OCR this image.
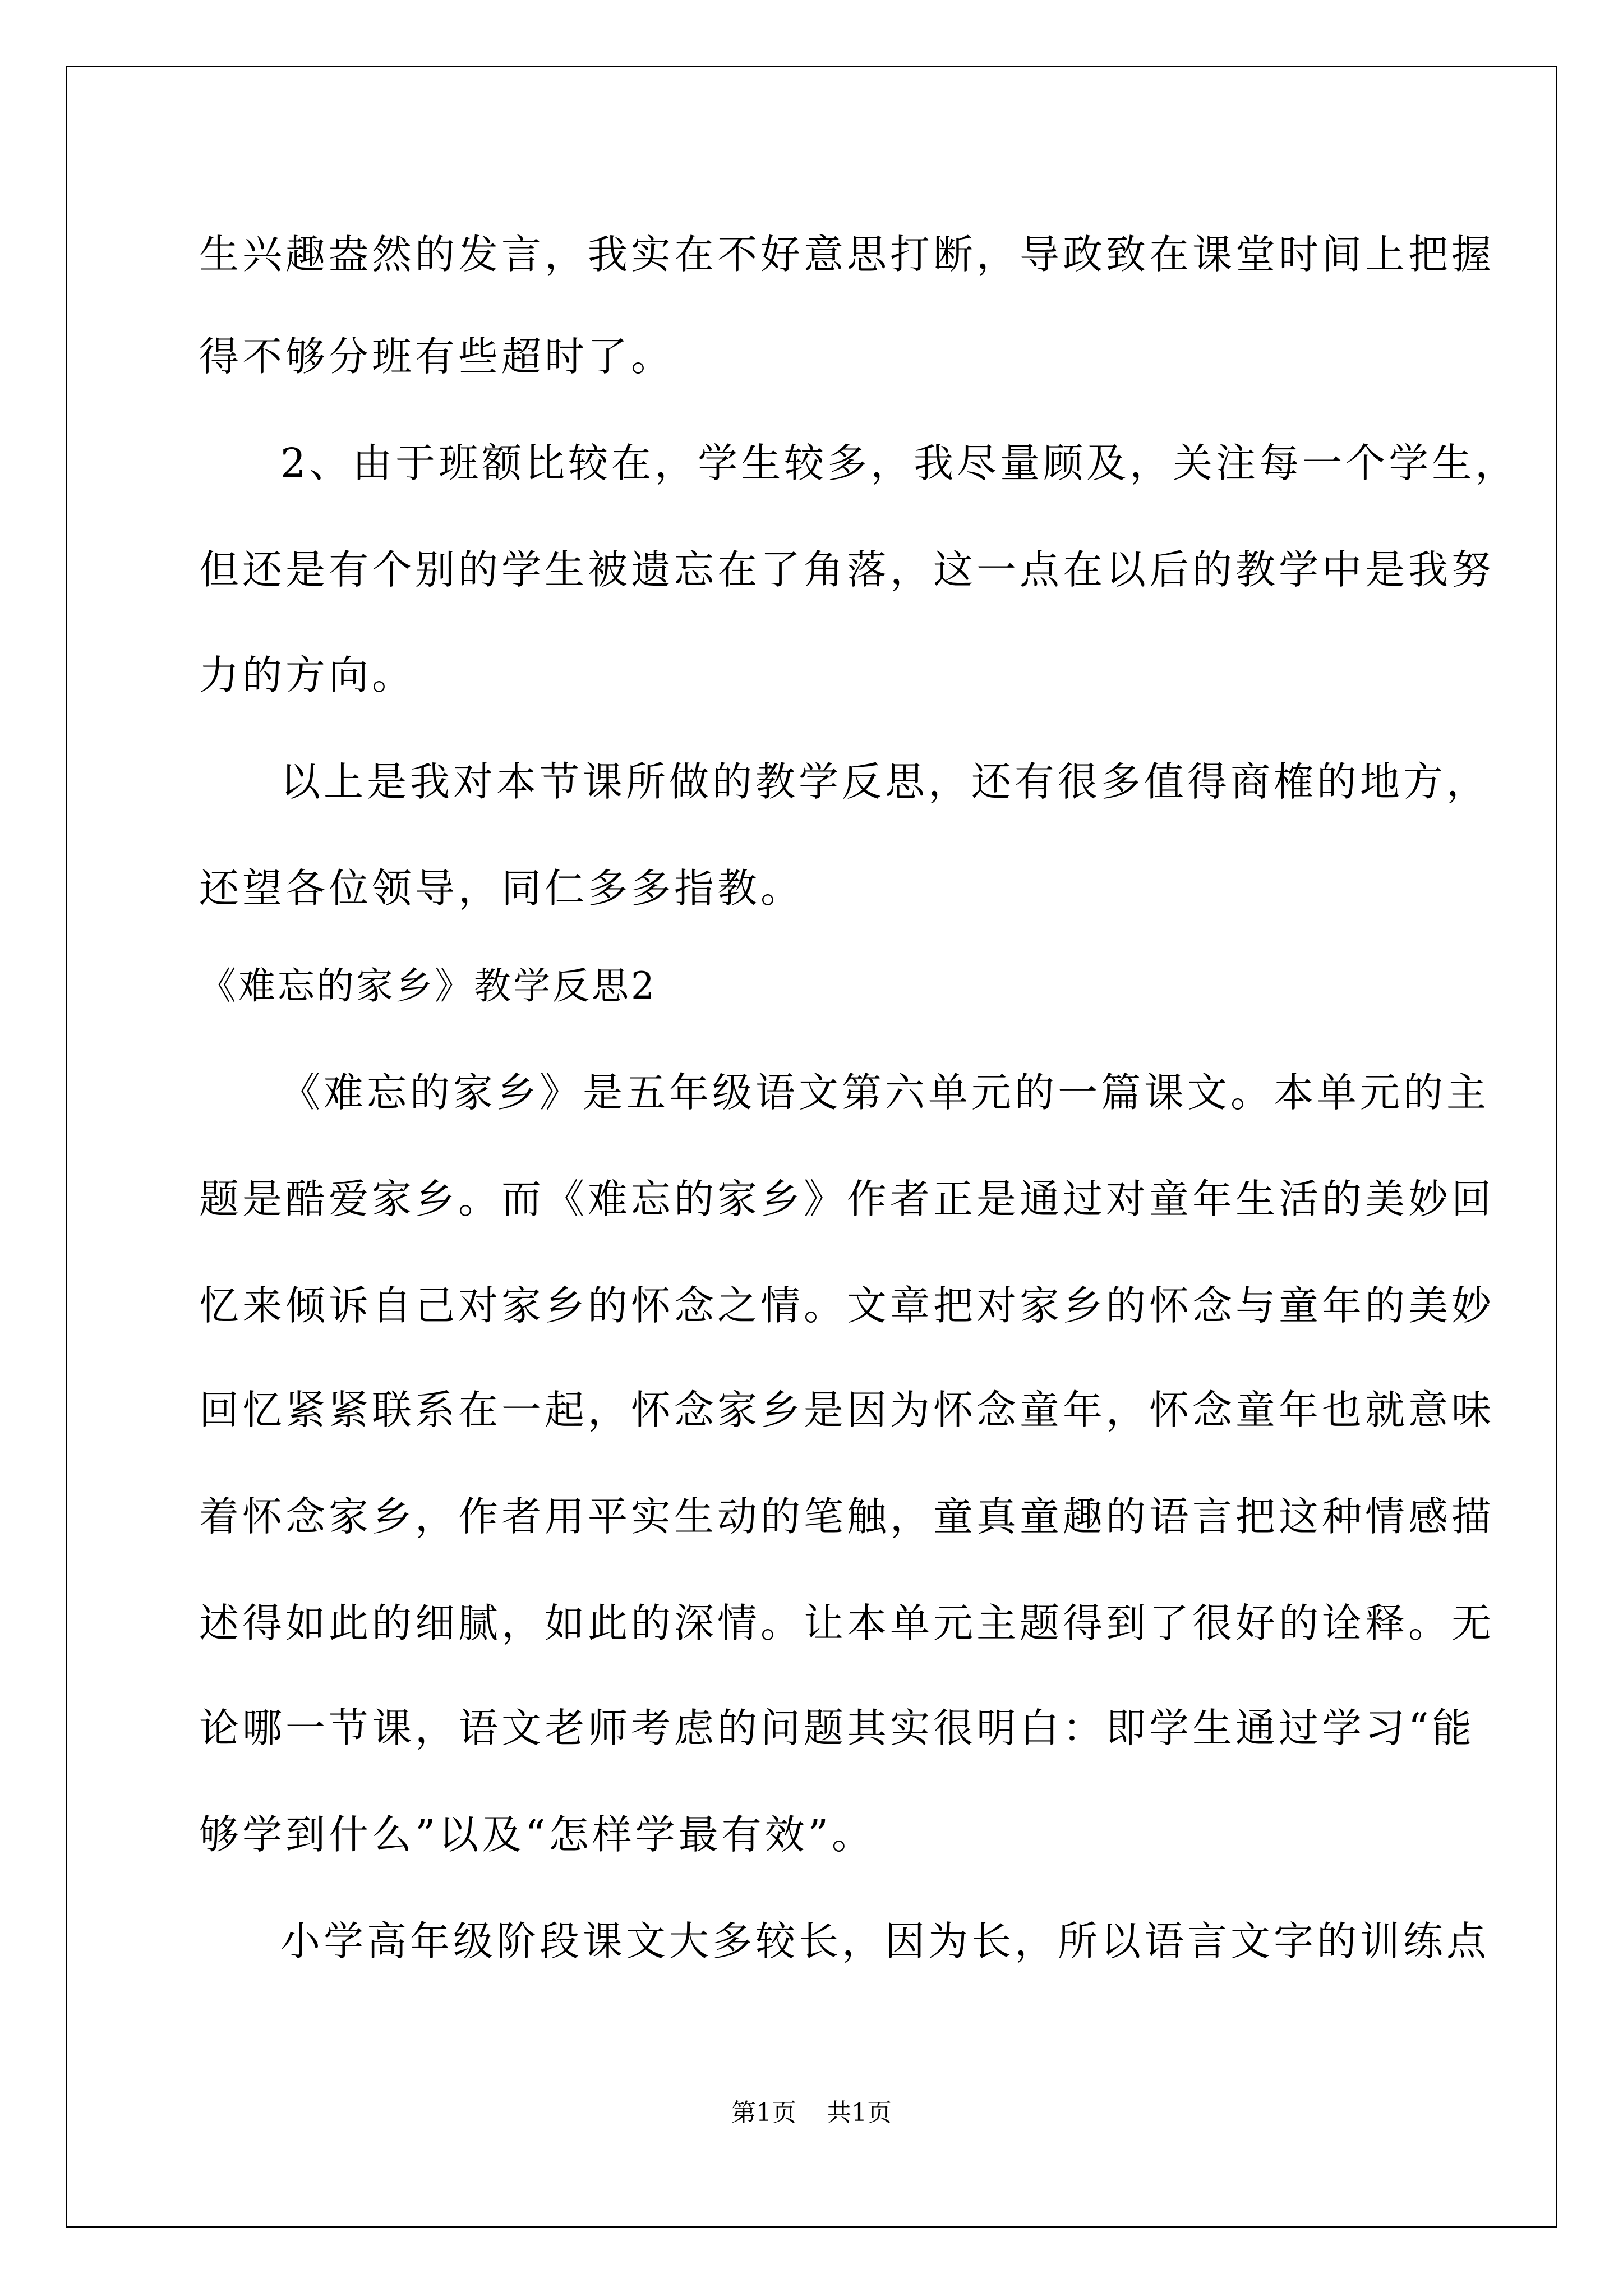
生兴趣盎然的发言，我实在不好意思打断，导政致在课堂时间上把握

得不够分班有些超时了。

2、由于班额比较在，学生较多，我尽量顾及，关注每一个学生，

但还是有个别的学生被遗忘在了角落，这一点在以后的教学中是我努

力的方向。

以上是我对本节课所做的教学反思，还有很多值得商榷的地方，

还望各位领导，同仁多多指教。

《难忘的家乡》教学反思2

《难忘的家乡》是五年级语文第六单元的一篇课文。本单元的主

题是酷爱家乡。而《难忘的家乡》作者正是通过对童年生活的美妙回

忆来倾诉自己对家乡的怀念之情。文章把对家乡的怀念与童年的美妙

回忆紧紧联系在一起，怀念家乡是因为怀念童年，怀念童年也就意味

着怀念家乡，作者用平实生动的笔触，童真童趣的语言把这种情感描

述得如此的细腻，如此的深情。让本单元主题得到了很好的诠释。无

论哪一节课，语文老师考虑的问题其实很明白：即学生通过学习“能

够学到什么”以及“怎样学最有效”。

小学高年级阶段课文大多较长，因为长，所以语言文字的训练点

第1页 共1页
